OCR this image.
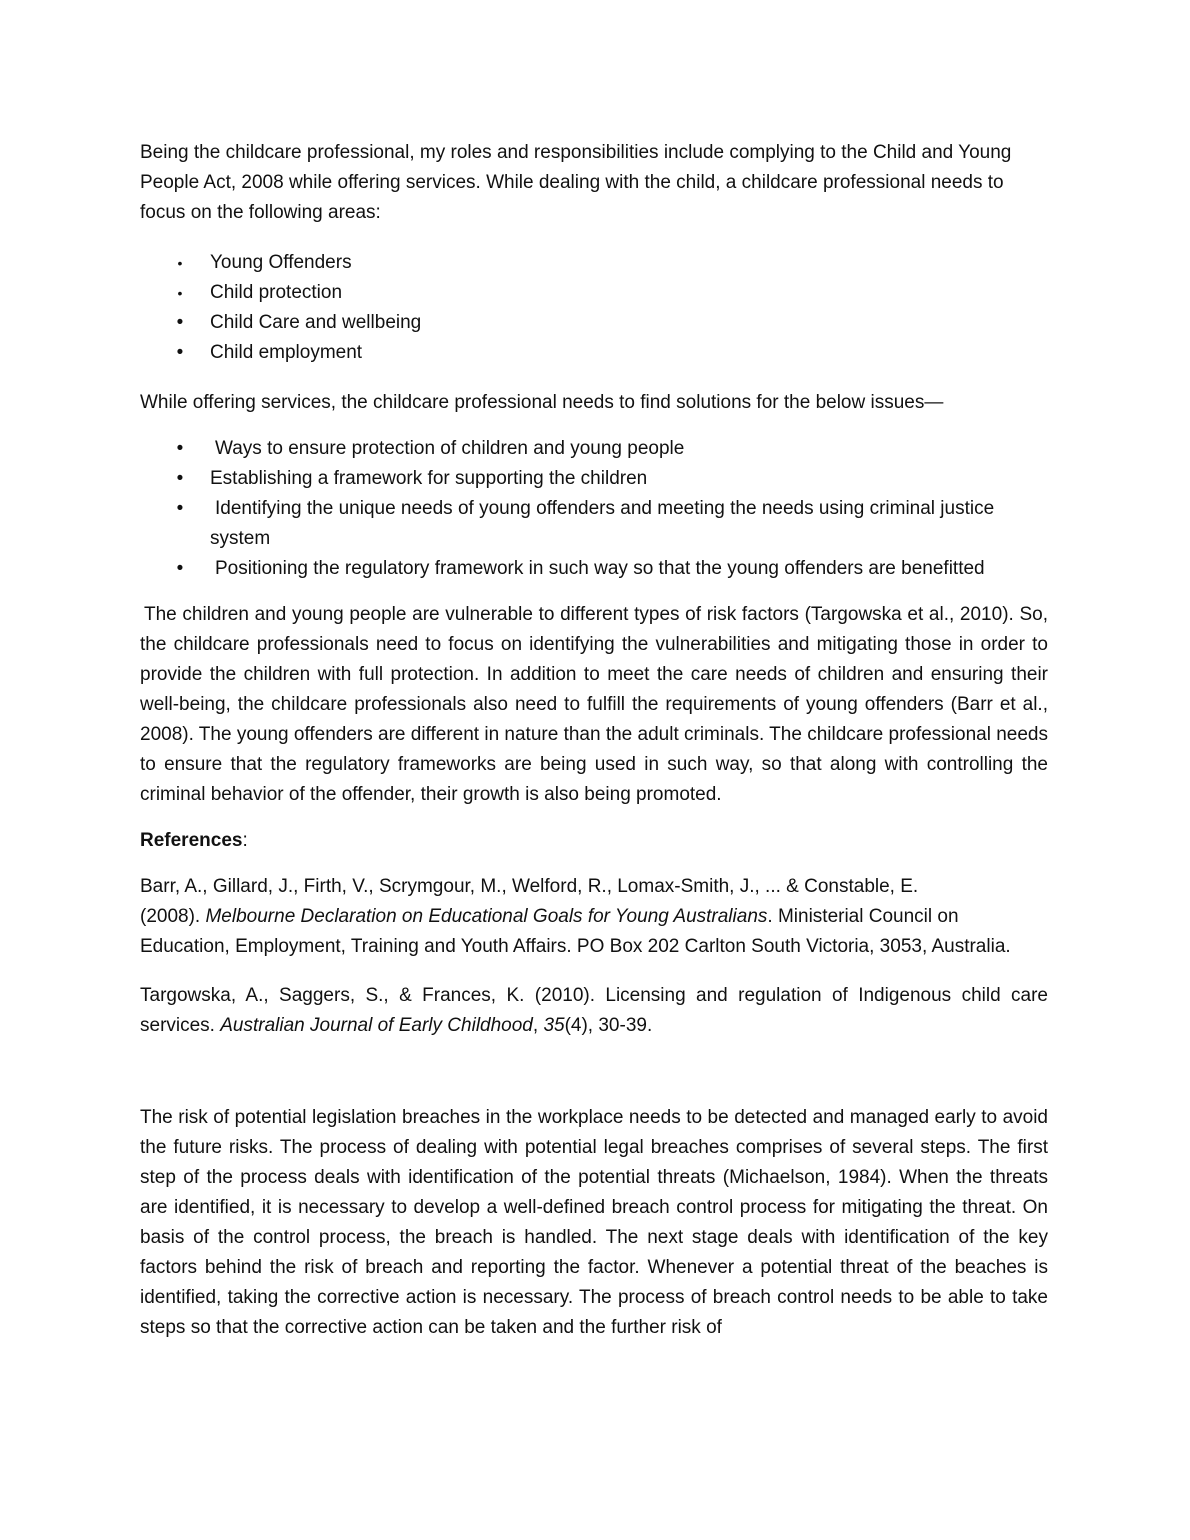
Being the childcare professional, my roles and responsibilities include complying to the Child and Young People Act, 2008 while offering services. While dealing with the child, a childcare professional needs to focus on the following areas:

• Young Offenders
• Child protection
• Child Care and wellbeing
• Child employment

While offering services, the childcare professional needs to find solutions for the below issues—

• Ways to ensure protection of children and young people
• Establishing a framework for supporting the children
• Identifying the unique needs of young offenders and meeting the needs using criminal justice system
• Positioning the regulatory framework in such way so that the young offenders are benefitted

The children and young people are vulnerable to different types of risk factors (Targowska et al., 2010). So, the childcare professionals need to focus on identifying the vulnerabilities and mitigating those in order to provide the children with full protection. In addition to meet the care needs of children and ensuring their well-being, the childcare professionals also need to fulfill the requirements of young offenders (Barr et al., 2008). The young offenders are different in nature than the adult criminals. The childcare professional needs to ensure that the regulatory frameworks are being used in such way, so that along with controlling the criminal behavior of the offender, their growth is also being promoted.

References:

Barr, A., Gillard, J., Firth, V., Scrymgour, M., Welford, R., Lomax-Smith, J., ... & Constable, E.
(2008). Melbourne Declaration on Educational Goals for Young Australians. Ministerial Council on Education, Employment, Training and Youth Affairs. PO Box 202 Carlton South Victoria, 3053, Australia.

Targowska, A., Saggers, S., & Frances, K. (2010). Licensing and regulation of Indigenous child care services. Australian Journal of Early Childhood, 35(4), 30-39.

The risk of potential legislation breaches in the workplace needs to be detected and managed early to avoid the future risks. The process of dealing with potential legal breaches comprises of several steps. The first step of the process deals with identification of the potential threats (Michaelson, 1984). When the threats are identified, it is necessary to develop a well-defined breach control process for mitigating the threat. On basis of the control process, the breach is handled. The next stage deals with identification of the key factors behind the risk of breach and reporting the factor. Whenever a potential threat of the beaches is identified, taking the corrective action is necessary. The process of breach control needs to be able to take steps so that the corrective action can be taken and the further risk of
